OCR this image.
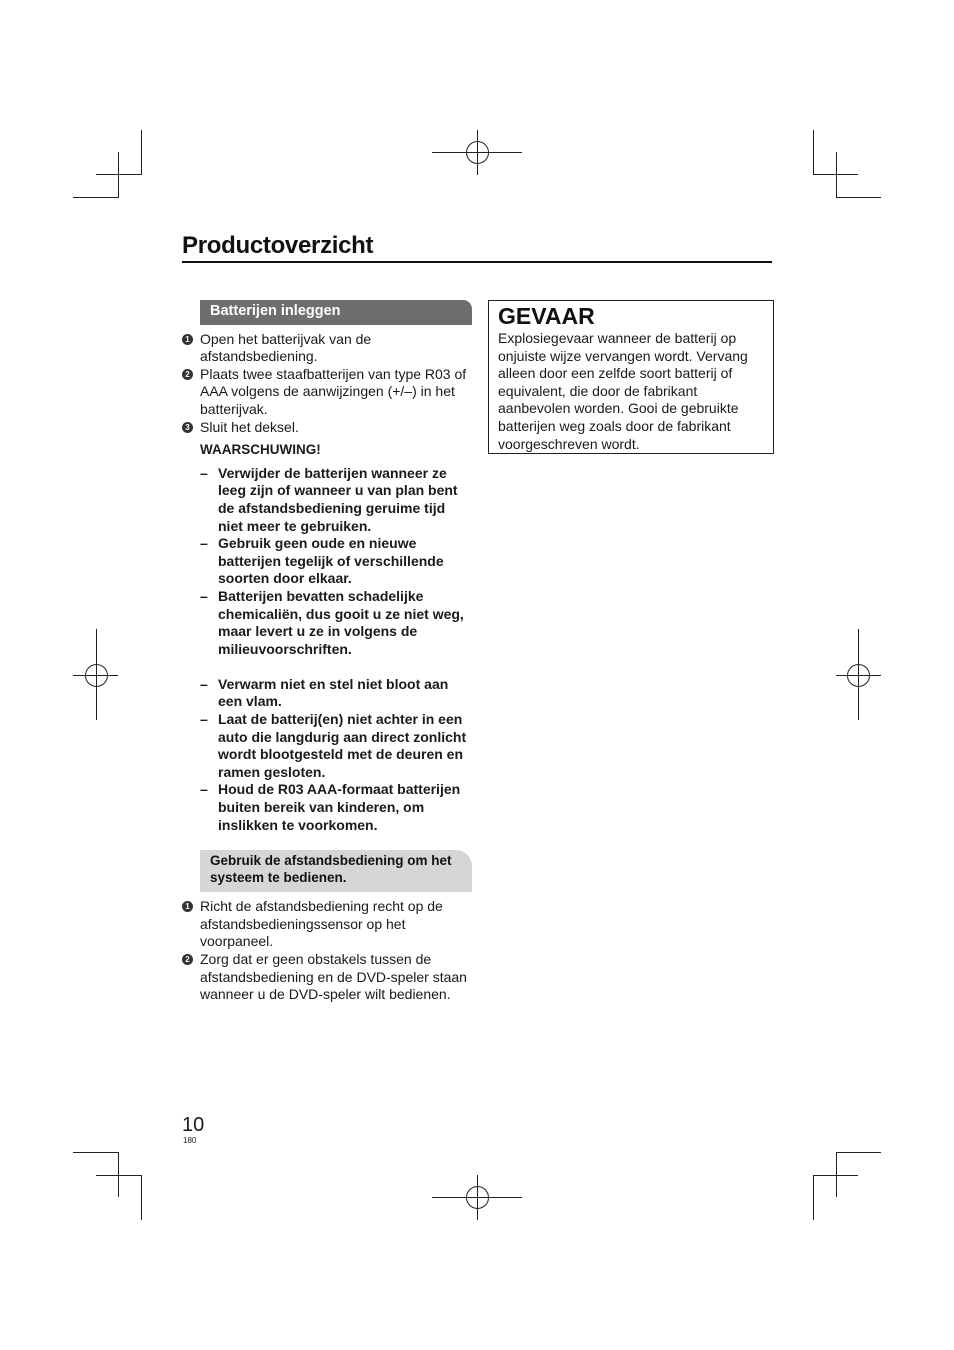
Productoverzicht
Batterijen inleggen
1 Open het batterijvak van de afstandsbediening.
2 Plaats twee staafbatterijen van type R03 of AAA volgens de aanwijzingen (+/–) in het batterijvak.
3 Sluit het deksel.
WAARSCHUWING!
– Verwijder de batterijen wanneer ze leeg zijn of wanneer u van plan bent de afstandsbediening geruime tijd niet meer te gebruiken.
– Gebruik geen oude en nieuwe batterijen tegelijk of verschillende soorten door elkaar.
– Batterijen bevatten schadelijke chemicaliën, dus gooit u ze niet weg, maar levert u ze in volgens de milieuvoorschriften.
– Verwarm niet en stel niet bloot aan een vlam.
– Laat de batterij(en) niet achter in een auto die langdurig aan direct zonlicht wordt blootgesteld met de deuren en ramen gesloten.
– Houd de R03 AAA-formaat batterijen buiten bereik van kinderen, om inslikken te voorkomen.
Gebruik de afstandsbediening om het systeem te bedienen.
1 Richt de afstandsbediening recht op de afstandsbedieningssensor op het voorpaneel.
2 Zorg dat er geen obstakels tussen de afstandsbediening en de DVD-speler staan wanneer u de DVD-speler wilt bedienen.
GEVAAR
Explosiegevaar wanneer de batterij op onjuiste wijze vervangen wordt. Vervang alleen door een zelfde soort batterij of equivalent, die door de fabrikant aanbevolen worden. Gooi de gebruikte batterijen weg zoals door de fabrikant voorgeschreven wordt.
10
180
